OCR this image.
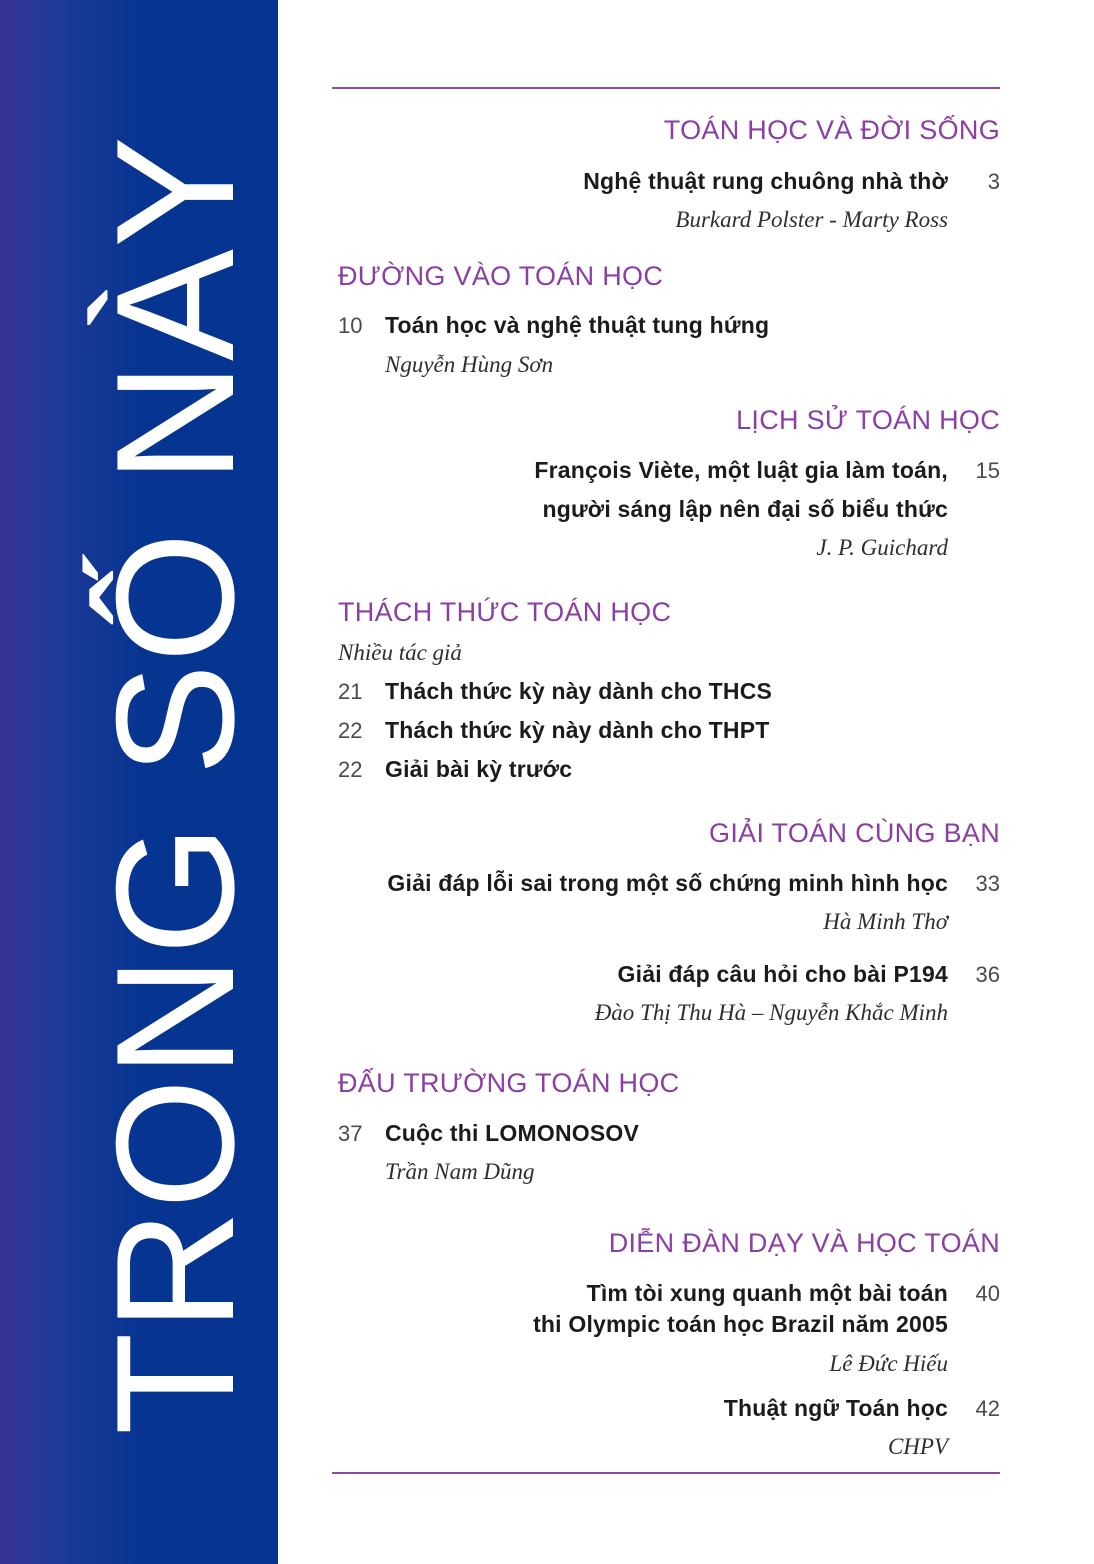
TRONG SỐ NÀY
TOÁN HỌC VÀ ĐỜI SỐNG
Nghệ thuật rung chuông nhà thờ	3
Burkard Polster - Marty Ross
ĐƯỜNG VÀO TOÁN HỌC
10 Toán học và nghệ thuật tung hứng
Nguyễn Hùng Sơn
LỊCH SỬ TOÁN HỌC
François Viète, một luật gia làm toán,	15
người sáng lập nên đại số biểu thức
J. P. Guichard
THÁCH THỨC TOÁN HỌC
Nhiều tác giả
21 Thách thức kỳ này dành cho THCS
22 Thách thức kỳ này dành cho THPT
22 Giải bài kỳ trước
GIẢI TOÁN CÙNG BẠN
Giải đáp lỗi sai trong một số chứng minh hình học	33
Hà Minh Thơ
Giải đáp câu hỏi cho bài P194	36
Đào Thị Thu Hà – Nguyễn Khắc Minh
ĐẤU TRƯỜNG TOÁN HỌC
37 Cuộc thi LOMONOSOV
Trần Nam Dũng
DIỄN ĐÀN DẠY VÀ HỌC TOÁN
Tìm tòi xung quanh một bài toán	40
thi Olympic toán học Brazil năm 2005
Lê Đức Hiếu
Thuật ngữ Toán học	42
CHPV
